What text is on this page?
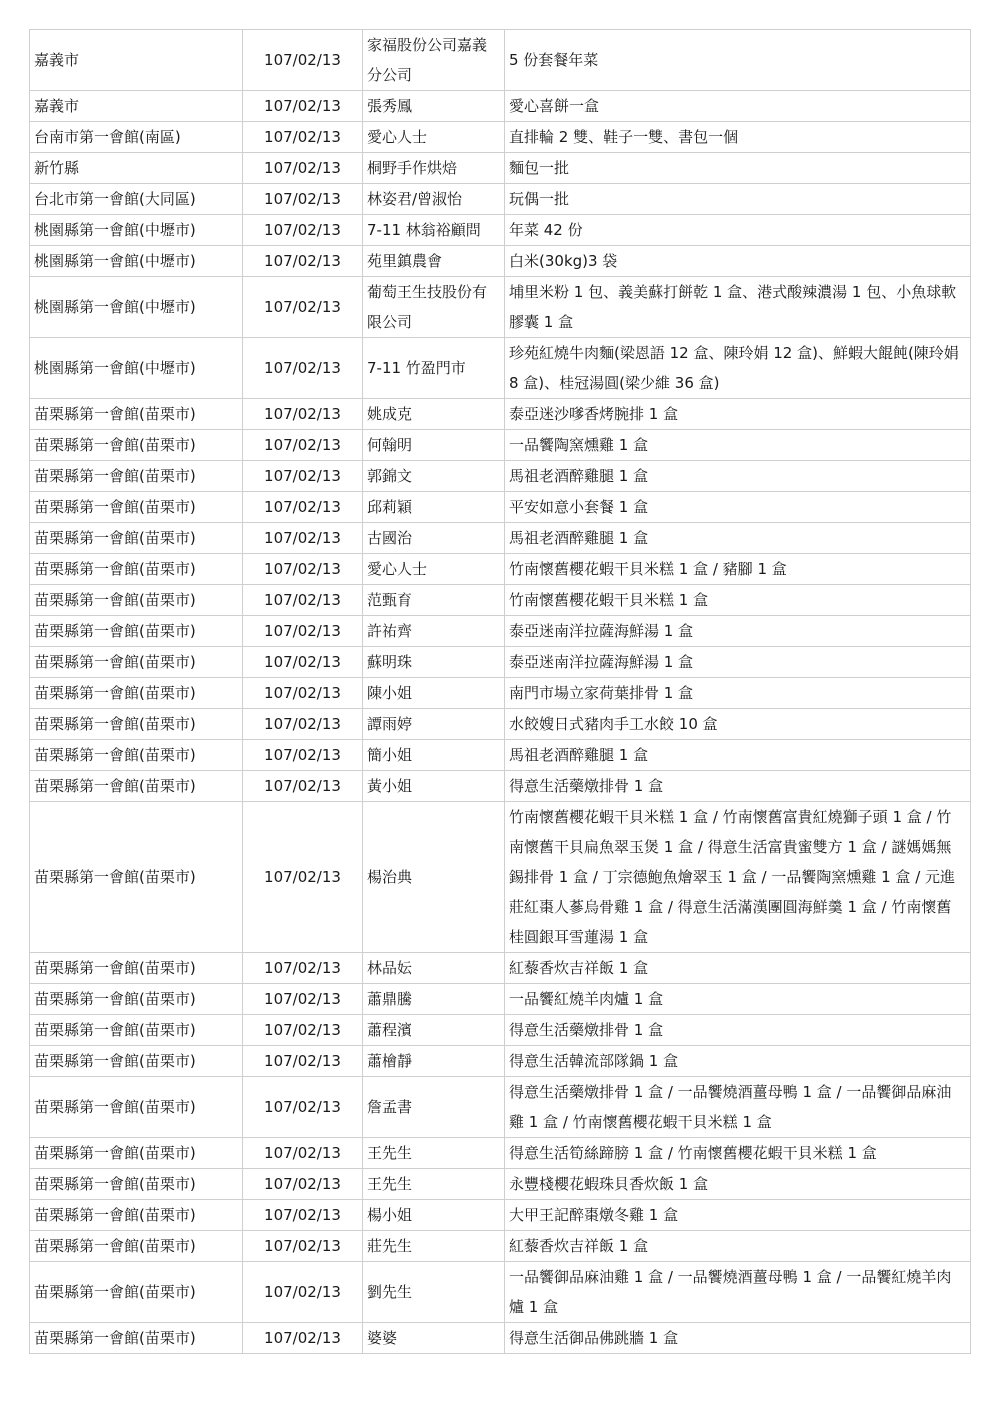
嘉義市	107/02/13	家福股份公司嘉義分公司	5 份套餐年菜
嘉義市	107/02/13	張秀鳳	愛心喜餅一盒
台南市第一會館(南區)	107/02/13	愛心人士	直排輪 2 雙、鞋子一雙、書包一個
新竹縣	107/02/13	桐野手作烘焙	麵包一批
台北市第一會館(大同區)	107/02/13	林姿君/曾淑怡	玩偶一批
桃園縣第一會館(中壢市)	107/02/13	7-11 林翁裕顧問	年菜 42 份
桃園縣第一會館(中壢市)	107/02/13	苑里鎮農會	白米(30kg)3 袋
桃園縣第一會館(中壢市)	107/02/13	葡萄王生技股份有限公司	埔里米粉 1 包、義美蘇打餅乾 1 盒、港式酸辣濃湯 1 包、小魚球軟膠囊 1 盒
桃園縣第一會館(中壢市)	107/02/13	7-11 竹盈門市	珍苑紅燒牛肉麵(梁恩語 12 盒、陳玲娟 12 盒)、鮮蝦大餛飩(陳玲娟 8 盒)、桂冠湯圓(梁少維 36 盒)
苗栗縣第一會館(苗栗市)	107/02/13	姚成克	泰亞迷沙嗲香烤腕排 1 盒
苗栗縣第一會館(苗栗市)	107/02/13	何翰明	一品饗陶窯燻雞 1 盒
苗栗縣第一會館(苗栗市)	107/02/13	郭錦文	馬祖老酒醉雞腿 1 盒
苗栗縣第一會館(苗栗市)	107/02/13	邱莉穎	平安如意小套餐 1 盒
苗栗縣第一會館(苗栗市)	107/02/13	古國治	馬祖老酒醉雞腿 1 盒
苗栗縣第一會館(苗栗市)	107/02/13	愛心人士	竹南懷舊櫻花蝦干貝米糕 1 盒 / 豬腳 1 盒
苗栗縣第一會館(苗栗市)	107/02/13	范甄育	竹南懷舊櫻花蝦干貝米糕 1 盒
苗栗縣第一會館(苗栗市)	107/02/13	許祐齊	泰亞迷南洋拉薩海鮮湯 1 盒
苗栗縣第一會館(苗栗市)	107/02/13	蘇明珠	泰亞迷南洋拉薩海鮮湯 1 盒
苗栗縣第一會館(苗栗市)	107/02/13	陳小姐	南門市場立家荷葉排骨 1 盒
苗栗縣第一會館(苗栗市)	107/02/13	譚雨婷	水餃嫂日式豬肉手工水餃 10 盒
苗栗縣第一會館(苗栗市)	107/02/13	簡小姐	馬祖老酒醉雞腿 1 盒
苗栗縣第一會館(苗栗市)	107/02/13	黃小姐	得意生活藥燉排骨 1 盒
苗栗縣第一會館(苗栗市)	107/02/13	楊治典	竹南懷舊櫻花蝦干貝米糕 1 盒 / 竹南懷舊富貴紅燒獅子頭 1 盒 / 竹南懷舊干貝扁魚翠玉煲 1 盒 / 得意生活富貴蜜雙方 1 盒 / 謎媽媽無錫排骨 1 盒 / 丁宗德鮑魚燴翠玉 1 盒 / 一品饗陶窯燻雞 1 盒 / 元進莊紅棗人蔘烏骨雞 1 盒 / 得意生活滿漢團圓海鮮羹 1 盒 / 竹南懷舊桂圓銀耳雪蓮湯 1 盒
苗栗縣第一會館(苗栗市)	107/02/13	林品妘	紅藜香炊吉祥飯 1 盒
苗栗縣第一會館(苗栗市)	107/02/13	蕭鼎騰	一品饗紅燒羊肉爐 1 盒
苗栗縣第一會館(苗栗市)	107/02/13	蕭程濱	得意生活藥燉排骨 1 盒
苗栗縣第一會館(苗栗市)	107/02/13	蕭檜靜	得意生活韓流部隊鍋 1 盒
苗栗縣第一會館(苗栗市)	107/02/13	詹孟書	得意生活藥燉排骨 1 盒 / 一品饗燒酒薑母鴨 1 盒 / 一品饗御品麻油雞 1 盒 / 竹南懷舊櫻花蝦干貝米糕 1 盒
苗栗縣第一會館(苗栗市)	107/02/13	王先生	得意生活筍絲蹄膀 1 盒 / 竹南懷舊櫻花蝦干貝米糕 1 盒
苗栗縣第一會館(苗栗市)	107/02/13	王先生	永豐棧櫻花蝦珠貝香炊飯 1 盒
苗栗縣第一會館(苗栗市)	107/02/13	楊小姐	大甲王記醉棗燉冬雞 1 盒
苗栗縣第一會館(苗栗市)	107/02/13	莊先生	紅藜香炊吉祥飯 1 盒
苗栗縣第一會館(苗栗市)	107/02/13	劉先生	一品饗御品麻油雞 1 盒 / 一品饗燒酒薑母鴨 1 盒 / 一品饗紅燒羊肉爐 1 盒
苗栗縣第一會館(苗栗市)	107/02/13	婆婆	得意生活御品佛跳牆 1 盒
